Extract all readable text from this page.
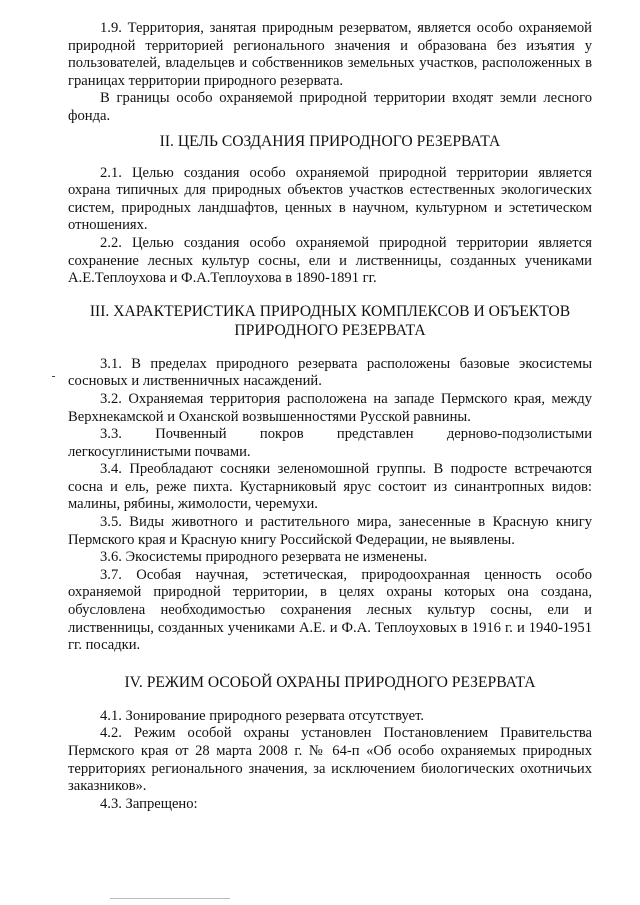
1.9. Территория, занятая природным резерватом, является особо охраняемой природной территорией регионального значения и образована без изъятия у пользователей, владельцев и собственников земельных участков, расположенных в границах территории природного резервата.

В границы особо охраняемой природной территории входят земли лесного фонда.

II. ЦЕЛЬ СОЗДАНИЯ ПРИРОДНОГО РЕЗЕРВАТА

2.1. Целью создания особо охраняемой природной территории является охрана типичных для природных объектов участков естественных экологических систем, природных ландшафтов, ценных в научном, культурном и эстетическом отношениях.

2.2. Целью создания особо охраняемой природной территории является сохранение лесных культур сосны, ели и лиственницы, созданных учениками А.Е.Теплоухова и Ф.А.Теплоухова в 1890-1891 гг.

III. ХАРАКТЕРИСТИКА ПРИРОДНЫХ КОМПЛЕКСОВ И ОБЪЕКТОВ ПРИРОДНОГО РЕЗЕРВАТА

3.1. В пределах природного резервата расположены базовые экосистемы сосновых и лиственничных насаждений.

3.2. Охраняемая территория расположена на западе Пермского края, между Верхнекамской и Оханской возвышенностями Русской равнины.

3.3. Почвенный покров представлен дерново-подзолистыми легкосуглинистыми почвами.

3.4. Преобладают сосняки зеленомошной группы. В подросте встречаются сосна и ель, реже пихта. Кустарниковый ярус состоит из синантропных видов: малины, рябины, жимолости, черемухи.

3.5. Виды животного и растительного мира, занесенные в Красную книгу Пермского края и Красную книгу Российской Федерации, не выявлены.

3.6. Экосистемы природного резервата не изменены.

3.7. Особая научная, эстетическая, природоохранная ценность особо охраняемой природной территории, в целях охраны которых она создана, обусловлена необходимостью сохранения лесных культур сосны, ели и лиственницы, созданных учениками А.Е. и Ф.А. Теплоуховых в 1916 г. и 1940-1951 гг. посадки.

IV. РЕЖИМ ОСОБОЙ ОХРАНЫ ПРИРОДНОГО РЕЗЕРВАТА

4.1. Зонирование природного резервата отсутствует.

4.2. Режим особой охраны установлен Постановлением Правительства Пермского края от 28 марта 2008 г. № 64-п «Об особо охраняемых природных территориях регионального значения, за исключением биологических охотничьих заказников».

4.3. Запрещено:
